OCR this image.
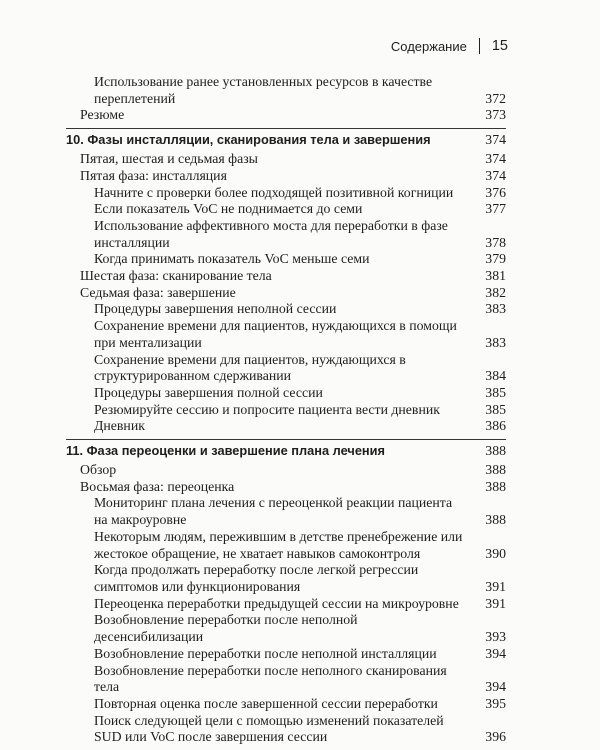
Содержание 15
Использование ранее установленных ресурсов в качестве переплетений	372
Резюме	373
10. Фазы инсталляции, сканирования тела и завершения	374
Пятая, шестая и седьмая фазы	374
Пятая фаза: инсталляция	374
Начните с проверки более подходящей позитивной когниции	376
Если показатель VoC не поднимается до семи	377
Использование аффективного моста для переработки в фазе инсталляции	378
Когда принимать показатель VoC меньше семи	379
Шестая фаза: сканирование тела	381
Седьмая фаза: завершение	382
Процедуры завершения неполной сессии	383
Сохранение времени для пациентов, нуждающихся в помощи при ментализации	383
Сохранение времени для пациентов, нуждающихся в структурированном сдерживании	384
Процедуры завершения полной сессии	385
Резюмируйте сессию и попросите пациента вести дневник	385
Дневник	386
11. Фаза переоценки и завершение плана лечения	388
Обзор	388
Восьмая фаза: переоценка	388
Мониторинг плана лечения с переоценкой реакции пациента на макроуровне	388
Некоторым людям, пережившим в детстве пренебрежение или жестокое обращение, не хватает навыков самоконтроля	390
Когда продолжать переработку после легкой регрессии симптомов или функционирования	391
Переоценка переработки предыдущей сессии на микроуровне	391
Возобновление переработки после неполной десенсибилизации	393
Возобновление переработки после неполной инсталляции	394
Возобновление переработки после неполного сканирования тела	394
Повторная оценка после завершенной сессии переработки	395
Поиск следующей цели с помощью изменений показателей SUD или VoC после завершения сессии	396
